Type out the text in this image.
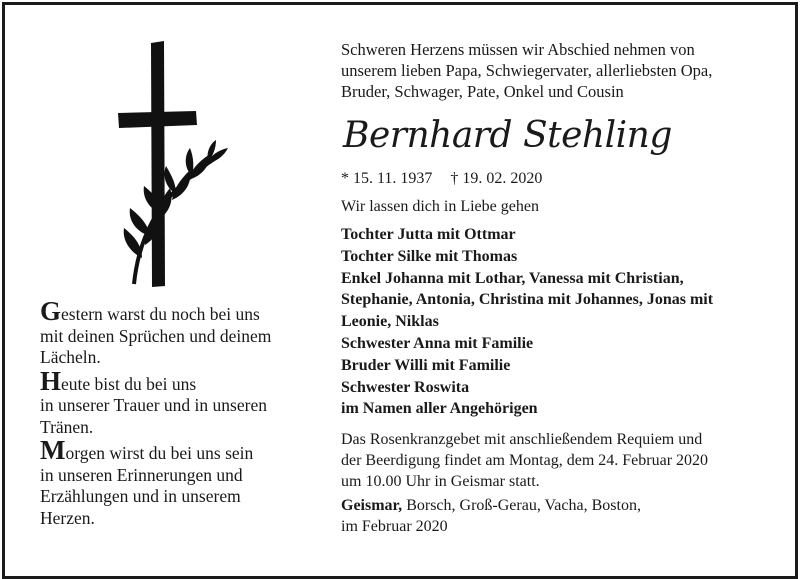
Gestern warst du noch bei uns
mit deinen Sprüchen und deinem
Lächeln.
Heute bist du bei uns
in unserer Trauer und in unseren
Tränen.
Morgen wirst du bei uns sein
in unseren Erinnerungen und
Erzählungen und in unserem
Herzen.

Schweren Herzens müssen wir Abschied nehmen von
unserem lieben Papa, Schwiegervater, allerliebsten Opa,
Bruder, Schwager, Pate, Onkel und Cousin

Bernhard Stehling
* 15. 11. 1937 † 19. 02. 2020
Wir lassen dich in Liebe gehen
Tochter Jutta mit Ottmar
Tochter Silke mit Thomas
Enkel Johanna mit Lothar, Vanessa mit Christian,
Stephanie, Antonia, Christina mit Johannes, Jonas mit
Leonie, Niklas
Schwester Anna mit Familie
Bruder Willi mit Familie
Schwester Roswita
im Namen aller Angehörigen
Das Rosenkranzgebet mit anschließendem Requiem und
der Beerdigung findet am Montag, dem 24. Februar 2020
um 10.00 Uhr in Geismar statt.
Geismar, Borsch, Groß-Gerau, Vacha, Boston,
im Februar 2020
